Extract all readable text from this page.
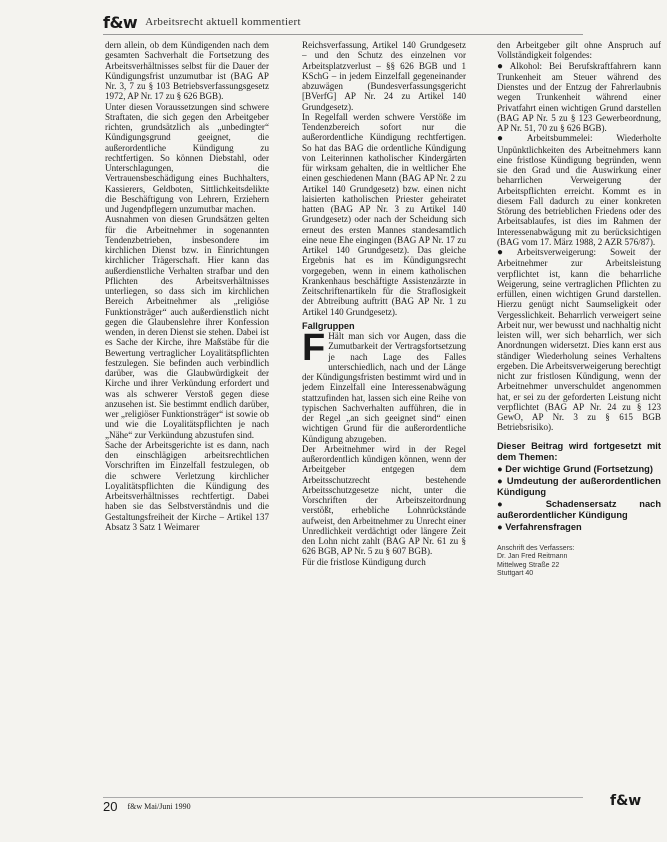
f&w Arbeitsrecht aktuell kommentiert

dern allein, ob dem Kündigenden nach dem gesamten Sachverhalt die Fortsetzung des Arbeitsverhältnisses selbst für die Dauer der Kündigungsfrist unzumutbar ist (BAG AP Nr. 3, 7 zu § 103 Betriebsverfassungsgesetz 1972, AP Nr. 17 zu § 626 BGB).

Unter diesen Voraussetzungen sind schwere Straftaten, die sich gegen den Arbeitgeber richten, grundsätzlich als „unbedingter“ Kündigungsgrund geeignet, die außerordentliche Kündigung zu rechtfertigen. So können Diebstahl, oder Unterschlagungen, die Vertrauensbeschädigung eines Buchhalters, Kassierers, Geldboten, Sittlichkeitsdelikte die Beschäftigung von Lehrern, Erziehern und Jugendpflegern unzumutbar machen.

Ausnahmen von diesen Grundsätzen gelten für die Arbeitnehmer in sogenannten Tendenzbetrieben, insbesondere im kirchlichen Dienst bzw. in Einrichtungen kirchlicher Trägerschaft. Hier kann das außerdienstliche Verhalten strafbar und den Pflichten des Arbeitsverhältnisses unterliegen, so dass sich im kirchlichen Bereich Arbeitnehmer als „religiöse Funktionsträger“ auch außerdienstlich nicht gegen die Glaubenslehre ihrer Konfession wenden, in deren Dienst sie stehen. Dabei ist es Sache der Kirche, ihre Maßstäbe für die Bewertung vertraglicher Loyalitätspflichten festzulegen. Sie befinden auch verbindlich darüber, was die Glaubwürdigkeit der Kirche und ihrer Verkündung erfordert und was als schwerer Verstoß gegen diese anzusehen ist. Sie bestimmt endlich darüber, wer „religiöser Funktionsträger“ ist sowie ob und wie die Loyalitätspflichten je nach „Nähe“ zur Verkündung abzustufen sind.

Sache der Arbeitsgerichte ist es dann, nach den einschlägigen arbeitsrechtlichen Vorschriften im Einzelfall festzulegen, ob die schwere Verletzung kirchlicher Loyalitätspflichten die Kündigung des Arbeitsverhältnisses rechtfertigt. Dabei haben sie das Selbstverständnis und die Gestaltungsfreiheit der Kirche – Artikel 137 Absatz 3 Satz 1 Weimarer

Reichsverfassung, Artikel 140 Grundgesetz – und den Schutz des einzelnen vor Arbeitsplatzverlust – §§ 626 BGB und 1 KSchG – in jedem Einzelfall gegeneinander abzuwägen (Bundesverfassungsgericht [BVerfG] AP Nr. 24 zu Artikel 140 Grundgesetz).

In Regelfall werden schwere Verstöße im Tendenzbereich sofort nur die außerordentliche Kündigung rechtfertigen. So hat das BAG die ordentliche Kündigung von Leiterinnen katholischer Kindergärten für wirksam gehalten, die in weltlicher Ehe einen geschiedenen Mann (BAG AP Nr. 2 zu Artikel 140 Grundgesetz) bzw. einen nicht laisierten katholischen Priester geheiratet hatten (BAG AP Nr. 3 zu Artikel 140 Grundgesetz) oder nach der Scheidung sich erneut des ersten Mannes standesamtlich eine neue Ehe eingingen (BAG AP Nr. 17 zu Artikel 140 Grundgesetz). Das gleiche Ergebnis hat es im Kündigungsrecht vorgegeben, wenn in einem katholischen Krankenhaus beschäftigte Assistenzärzte in Zeitschriftenartikeln für die Straflosigkeit der Abtreibung auftritt (BAG AP Nr. 1 zu Artikel 140 Grundgesetz).

Fallgruppen

F Hält man sich vor Augen, dass die Zumutbarkeit der Vertragsfortsetzung je nach Lage des Falles unterschiedlich, nach und der Länge der Kündigungsfristen bestimmt wird und in jedem Einzelfall eine Interessenabwägung stattzufinden hat, lassen sich eine Reihe von typischen Sachverhalten aufführen, die in der Regel „an sich geeignet sind“ einen wichtigen Grund für die außerordentliche Kündigung abzugeben.

Der Arbeitnehmer wird in der Regel außerordentlich kündigen können, wenn der Arbeitgeber entgegen dem Arbeitsschutzrecht bestehende Arbeitsschutzgesetze nicht, unter die Vorschriften der Arbeitszeitordnung verstößt, erhebliche Lohnrückstände aufweist, den Arbeitnehmer zu Unrecht einer Unredlichkeit verdächtigt oder längere Zeit den Lohn nicht zahlt (BAG AP Nr. 61 zu § 626 BGB, AP Nr. 5 zu § 607 BGB).

Für die fristlose Kündigung durch

den Arbeitgeber gilt ohne Anspruch auf Vollständigkeit folgendes:

● Alkohol: Bei Berufskraftfahrern kann Trunkenheit am Steuer während des Dienstes und der Entzug der Fahrerlaubnis wegen Trunkenheit während einer Privatfahrt einen wichtigen Grund darstellen (BAG AP Nr. 5 zu § 123 Gewerbeordnung, AP Nr. 51, 70 zu § 626 BGB).

● Arbeitsbummelei: Wiederholte Unpünktlichkeiten des Arbeitnehmers kann eine fristlose Kündigung begründen, wenn sie den Grad und die Auswirkung einer beharrlichen Verweigerung der Arbeitspflichten erreicht. Kommt es in diesem Fall dadurch zu einer konkreten Störung des betrieblichen Friedens oder des Arbeitsablaufes, ist dies im Rahmen der Interessenabwägung mit zu berücksichtigen (BAG vom 17. März 1988, 2 AZR 576/87).

● Arbeitsverweigerung: Soweit der Arbeitnehmer zur Arbeitsleistung verpflichtet ist, kann die beharrliche Weigerung, seine vertraglichen Pflichten zu erfüllen, einen wichtigen Grund darstellen. Hierzu genügt nicht Saumseligkeit oder Vergesslichkeit. Beharrlich verweigert seine Arbeit nur, wer bewusst und nachhaltig nicht leisten will, wer sich beharrlich, wer sich Anordnungen widersetzt. Dies kann erst aus ständiger Wiederholung seines Verhaltens ergeben. Die Arbeitsverweigerung berechtigt nicht zur fristlosen Kündigung, wenn der Arbeitnehmer unverschuldet angenommen hat, er sei zu der geforderten Leistung nicht verpflichtet (BAG AP Nr. 24 zu § 123 GewO, AP Nr. 3 zu § 615 BGB Betriebsrisiko).

Dieser Beitrag wird fortgesetzt mit dem Themen:
● Der wichtige Grund (Fortsetzung)
● Umdeutung der außerordentlichen Kündigung
● Schadensersatz nach außerordentlicher Kündigung
● Verfahrensfragen
Anschrift des Verfassers:
Dr. Jan Fred Reitmann
Mittelweg Straße 22
Stuttgart 40
20 f&w Mai/Juni 1990	f&w
